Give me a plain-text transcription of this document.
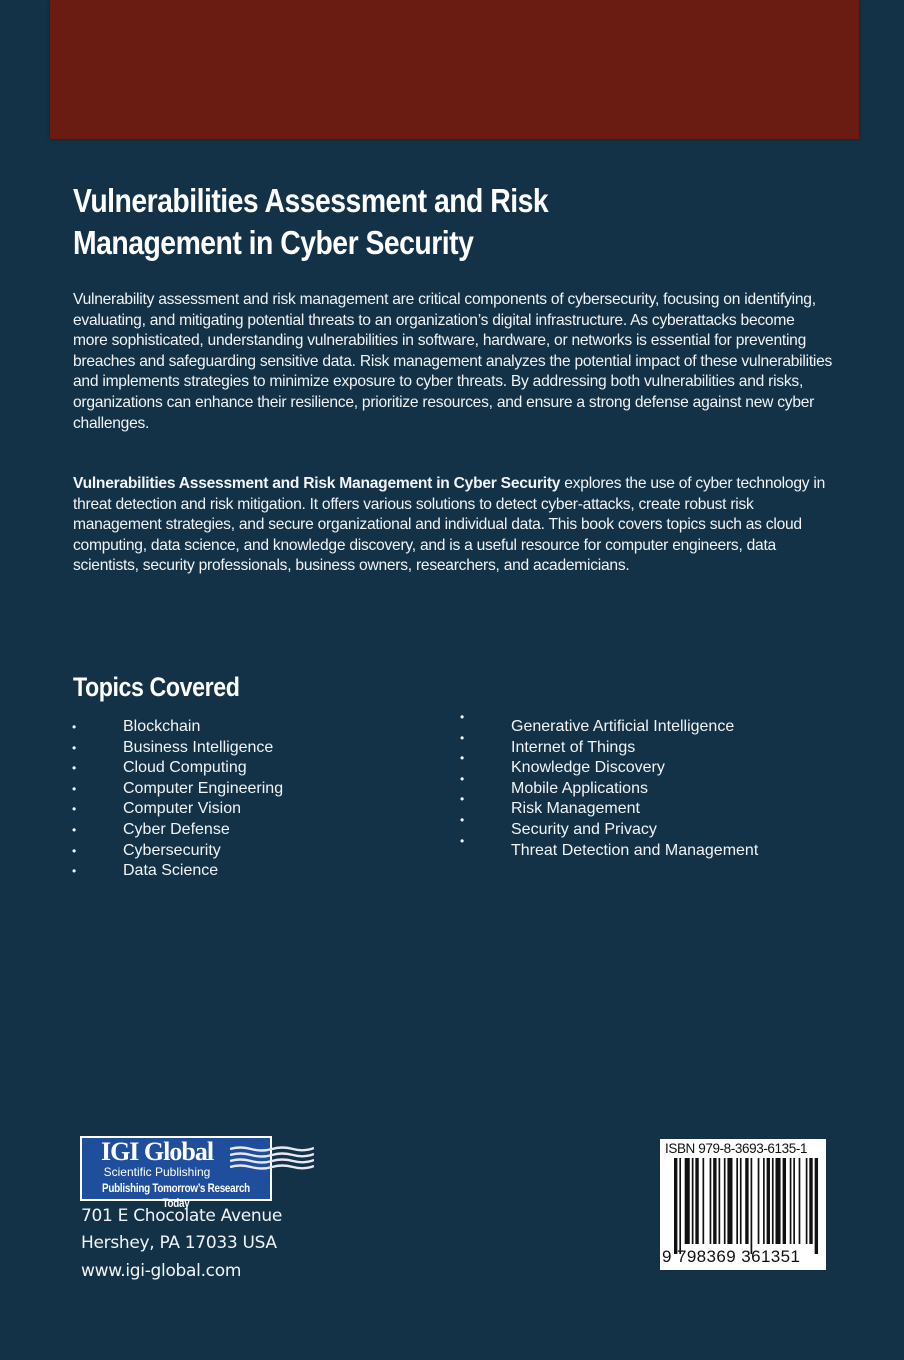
Vulnerabilities Assessment and Risk
Management in Cyber Security

Vulnerability assessment and risk management are critical components of cybersecurity, focusing on identifying, evaluating, and mitigating potential threats to an organization’s digital infrastructure. As cyberattacks become more sophisticated, understanding vulnerabilities in software, hardware, or networks is essential for preventing breaches and safeguarding sensitive data. Risk management analyzes the potential impact of these vulnerabilities and implements strategies to minimize exposure to cyber threats. By addressing both vulnerabilities and risks, organizations can enhance their resilience, prioritize resources, and ensure a strong defense against new cyber challenges.

Vulnerabilities Assessment and Risk Management in Cyber Security explores the use of cyber technology in threat detection and risk mitigation. It offers various solutions to detect cyber-attacks, create robust risk management strategies, and secure organizational and individual data. This book covers topics such as cloud computing, data science, and knowledge discovery, and is a useful resource for computer engineers, data scientists, security professionals, business owners, researchers, and academicians.

Topics Covered
•	Blockchain
•	Business Intelligence
•	Cloud Computing
•	Computer Engineering
•	Computer Vision
•	Cyber Defense
•	Cybersecurity
•	Data Science
•
Generative Artificial Intelligence
•
Internet of Things
•
Knowledge Discovery
•
Mobile Applications
•
Risk Management
•
Security and Privacy
•
Threat Detection and Management
IGI Global
Scientific Publishing
Publishing Tomorrow’s Research Today

701 E Chocolate Avenue

Hershey, PA 17033 USA

www.igi-global.com

ISBN 979-8-3693-6135-1
9 798369 361351
